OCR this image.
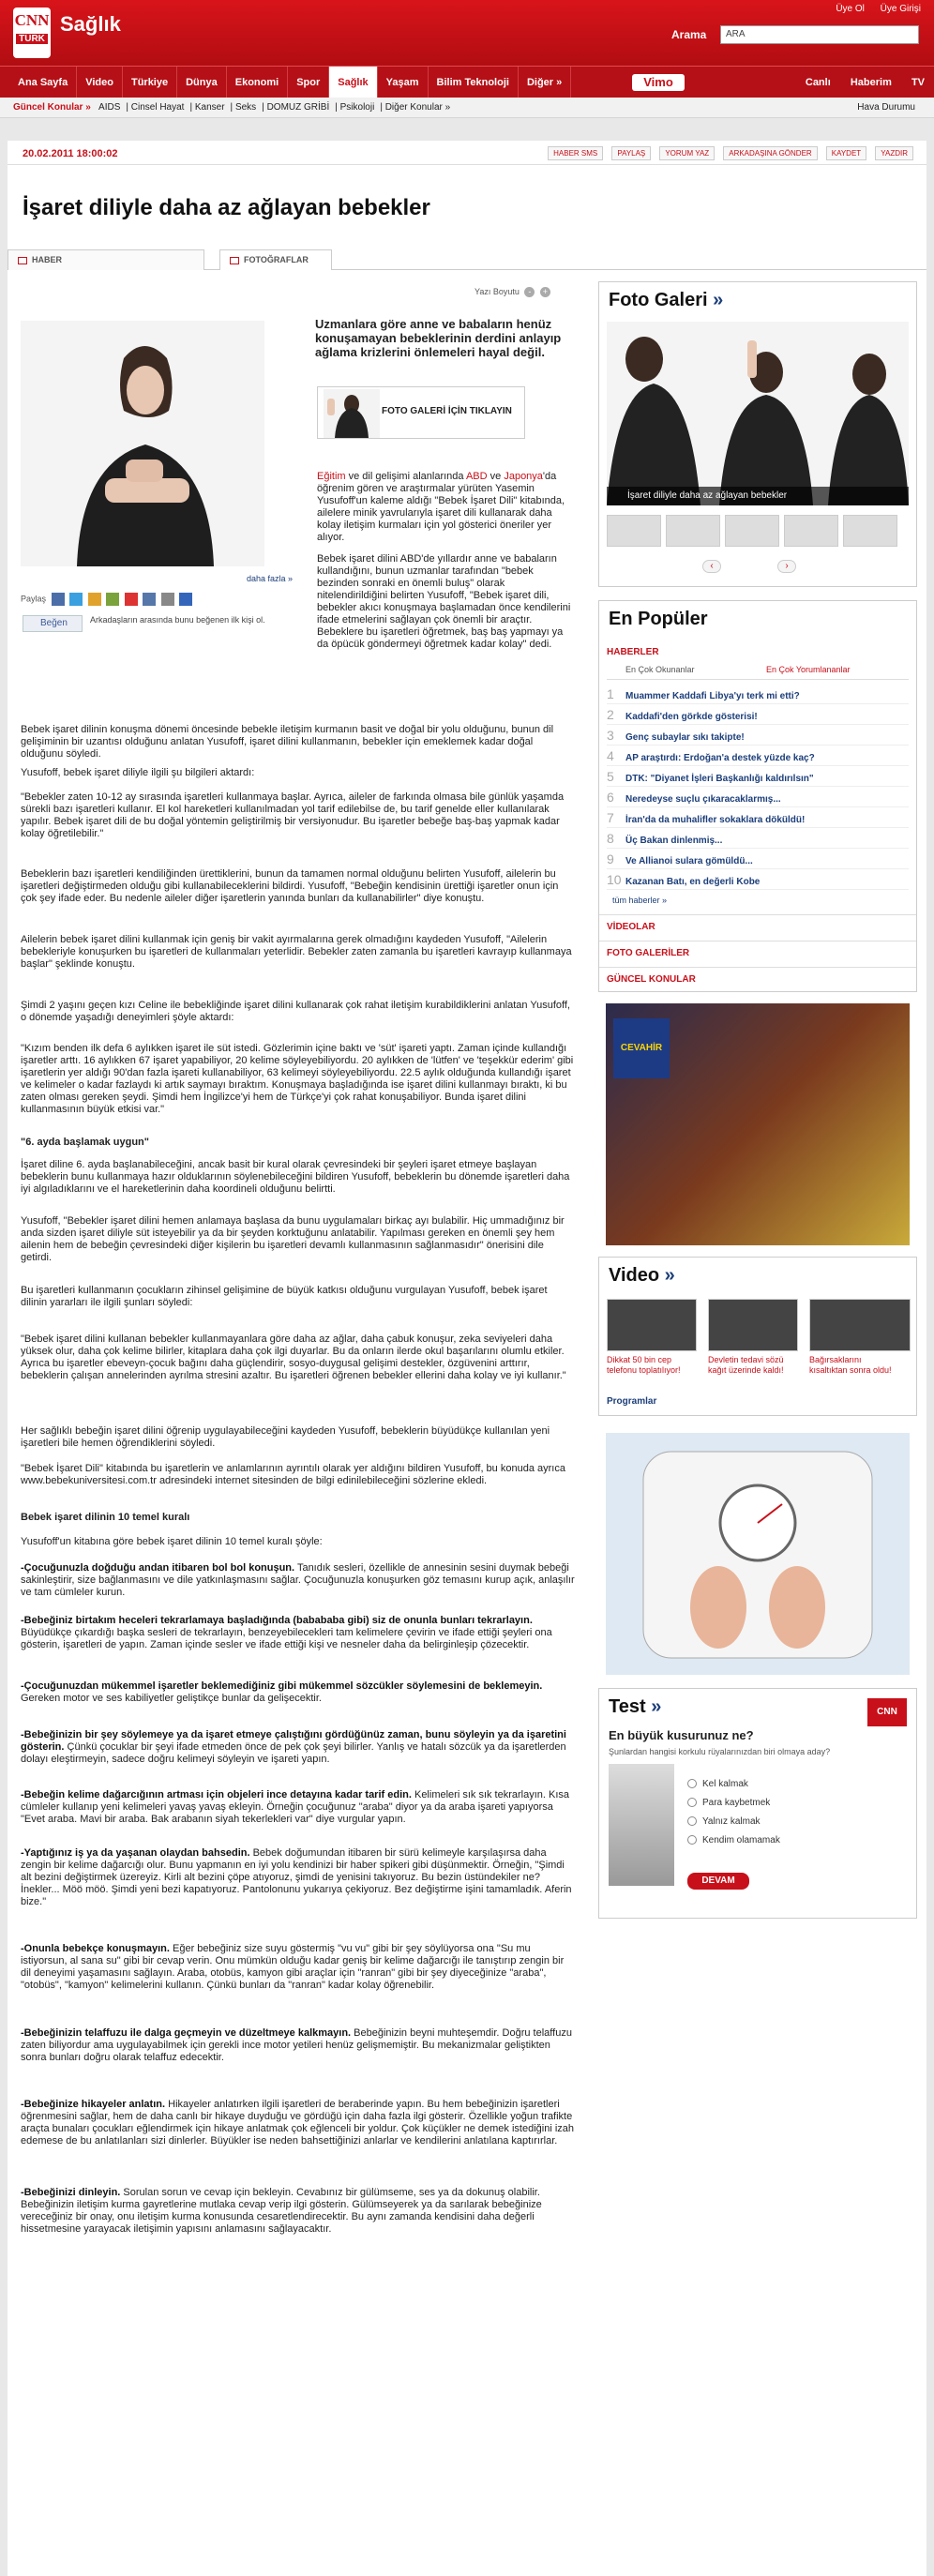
CNN
TÜRK
Sağlık
Üye Ol Üye Girişi
Arama	ARA
Ana Sayfa	Video	Türkiye	Dünya	Ekonomi	Spor	Sağlık	Yaşam	Bilim Teknoloji	Diğer »	Vimo	Canlı Haberim TV
Güncel Konular » AIDS | Cinsel Hayat | Kanser | Seks | DOMUZ GRİBİ | Psikoloji | Diğer Konular »	Hava Durumu
20.02.2011 18:00:02	HABER SMS	PAYLAŞ	YORUM YAZ	ARKADAŞINA GÖNDER	KAYDET	YAZDIR
İşaret diliyle daha az ağlayan bebekler
HABER	FOTOĞRAFLAR
Yazı Boyutu - +
daha fazla »
Uzmanlara göre anne ve babaların henüz konuşamayan bebeklerinin derdini anlayıp ağlama krizlerini önlemeleri hayal değil.
FOTO GALERİ İÇİN TIKLAYIN
Paylaş
Beğen	Arkadaşların arasında bunu beğenen ilk kişi ol.
Eğitim ve dil gelişimi alanlarında ABD ve Japonya'da öğrenim gören ve araştırmalar yürüten Yasemin Yusufoff'un kaleme aldığı "Bebek İşaret Dili" kitabında, ailelere minik yavrularıyla işaret dili kullanarak daha kolay iletişim kurmaları için yol gösterici öneriler yer alıyor.
Bebek işaret dilini ABD'de yıllardır anne ve babaların kullandığını, bunun uzmanlar tarafından "bebek bezinden sonraki en önemli buluş" olarak nitelendirildiğini belirten Yusufoff, "Bebek işaret dili, bebekler akıcı konuşmaya başlamadan önce kendilerini ifade etmelerini sağlayan çok önemli bir araçtır. Bebeklere bu işaretleri öğretmek, baş baş yapmayı ya da öpücük göndermeyi öğretmek kadar kolay" dedi.
Bebek işaret dilinin konuşma dönemi öncesinde bebekle iletişim kurmanın basit ve doğal bir yolu olduğunu, bunun dil gelişiminin bir uzantısı olduğunu anlatan Yusufoff, işaret dilini kullanmanın, bebekler için emeklemek kadar doğal olduğunu söyledi.
Yusufoff, bebek işaret diliyle ilgili şu bilgileri aktardı:
"Bebekler zaten 10-12 ay sırasında işaretleri kullanmaya başlar. Ayrıca, aileler de farkında olmasa bile günlük yaşamda sürekli bazı işaretleri kullanır. El kol hareketleri kullanılmadan yol tarif edilebilse de, bu tarif genelde eller kullanılarak yapılır. Bebek işaret dili de bu doğal yöntemin geliştirilmiş bir versiyonudur. Bu işaretler bebeğe baş-baş yapmak kadar kolay öğretilebilir."
Bebeklerin bazı işaretleri kendiliğinden ürettiklerini, bunun da tamamen normal olduğunu belirten Yusufoff, ailelerin bu işaretleri değiştirmeden olduğu gibi kullanabileceklerini bildirdi. Yusufoff, "Bebeğin kendisinin ürettiği işaretler onun için çok şey ifade eder. Bu nedenle aileler diğer işaretlerin yanında bunları da kullanabilirler" diye konuştu.
Ailelerin bebek işaret dilini kullanmak için geniş bir vakit ayırmalarına gerek olmadığını kaydeden Yusufoff, "Ailelerin bebekleriyle konuşurken bu işaretleri de kullanmaları yeterlidir. Bebekler zaten zamanla bu işaretleri kavrayıp kullanmaya başlar" şeklinde konuştu.
Şimdi 2 yaşını geçen kızı Celine ile bebekliğinde işaret dilini kullanarak çok rahat iletişim kurabildiklerini anlatan Yusufoff, o dönemde yaşadığı deneyimleri şöyle aktardı:
"Kızım benden ilk defa 6 aylıkken işaret ile süt istedi. Gözlerimin içine baktı ve 'süt' işareti yaptı. Zaman içinde kullandığı işaretler arttı. 16 aylıkken 67 işaret yapabiliyor, 20 kelime söyleyebiliyordu. 20 aylıkken de 'lütfen' ve 'teşekkür ederim' gibi işaretlerin yer aldığı 90'dan fazla işareti kullanabiliyor, 63 kelimeyi söyleyebiliyordu. 22.5 aylık olduğunda kullandığı işaret ve kelimeler o kadar fazlaydı ki artık saymayı bıraktım. Konuşmaya başladığında ise işaret dilini kullanmayı bıraktı, ki bu zaten olması gereken şeydi. Şimdi hem İngilizce'yi hem de Türkçe'yi çok rahat konuşabiliyor. Bunda işaret dilini kullanmasının büyük etkisi var."
"6. ayda başlamak uygun"
İşaret diline 6. ayda başlanabileceğini, ancak basit bir kural olarak çevresindeki bir şeyleri işaret etmeye başlayan bebeklerin bunu kullanmaya hazır olduklarının söylenebileceğini bildiren Yusufoff, bebeklerin bu dönemde işaretleri daha iyi algıladıklarını ve el hareketlerinin daha koordineli olduğunu belirtti.
Yusufoff, "Bebekler işaret dilini hemen anlamaya başlasa da bunu uygulamaları birkaç ayı bulabilir. Hiç ummadığınız bir anda sizden işaret diliyle süt isteyebilir ya da bir şeyden korktuğunu anlatabilir. Yapılması gereken en önemli şey hem ailenin hem de bebeğin çevresindeki diğer kişilerin bu işaretleri devamlı kullanmasının sağlanmasıdır" önerisini dile getirdi.
Bu işaretleri kullanmanın çocukların zihinsel gelişimine de büyük katkısı olduğunu vurgulayan Yusufoff, bebek işaret dilinin yararları ile ilgili şunları söyledi:
"Bebek işaret dilini kullanan bebekler kullanmayanlara göre daha az ağlar, daha çabuk konuşur, zeka seviyeleri daha yüksek olur, daha çok kelime bilirler, kitaplara daha çok ilgi duyarlar. Bu da onların ilerde okul başarılarını olumlu etkiler. Ayrıca bu işaretler ebeveyn-çocuk bağını daha güçlendirir, sosyo-duygusal gelişimi destekler, özgüvenini arttırır, bebeklerin çalışan annelerinden ayrılma stresini azaltır. Bu işaretleri öğrenen bebekler ellerini daha kolay ve iyi kullanır."
Her sağlıklı bebeğin işaret dilini öğrenip uygulayabileceğini kaydeden Yusufoff, bebeklerin büyüdükçe kullanılan yeni işaretleri bile hemen öğrendiklerini söyledi.
"Bebek İşaret Dili" kitabında bu işaretlerin ve anlamlarının ayrıntılı olarak yer aldığını bildiren Yusufoff, bu konuda ayrıca www.bebekuniversitesi.com.tr adresindeki internet sitesinden de bilgi edinilebileceğini sözlerine ekledi.
Bebek işaret dilinin 10 temel kuralı
Yusufoff'un kitabına göre bebek işaret dilinin 10 temel kuralı şöyle:
-Çocuğunuzla doğduğu andan itibaren bol bol konuşun. Tanıdık sesleri, özellikle de annesinin sesini duymak bebeği sakinleştirir, size bağlanmasını ve dile yatkınlaşmasını sağlar. Çocuğunuzla konuşurken göz temasını kurup açık, anlaşılır ve tam cümleler kurun.
-Bebeğiniz birtakım heceleri tekrarlamaya başladığında (babababa gibi) siz de onunla bunları tekrarlayın. Büyüdükçe çıkardığı başka sesleri de tekrarlayın, benzeyebilecekleri tam kelimelere çevirin ve ifade ettiği şeyleri ona gösterin, işaretleri de yapın. Zaman içinde sesler ve ifade ettiği kişi ve nesneler daha da belirginleşip çözecektir.
-Çocuğunuzdan mükemmel işaretler beklemediğiniz gibi mükemmel sözcükler söylemesini de beklemeyin. Gereken motor ve ses kabiliyetler geliştikçe bunlar da gelişecektir.
-Bebeğinizin bir şey söylemeye ya da işaret etmeye çalıştığını gördüğünüz zaman, bunu söyleyin ya da işaretini gösterin. Çünkü çocuklar bir şeyi ifade etmeden önce de pek çok şeyi bilirler. Yanlış ve hatalı sözcük ya da işaretlerden dolayı eleştirmeyin, sadece doğru kelimeyi söyleyin ve işareti yapın.
-Bebeğin kelime dağarcığının artması için objeleri ince detayına kadar tarif edin. Kelimeleri sık sık tekrarlayın. Kısa cümleler kullanıp yeni kelimeleri yavaş yavaş ekleyin. Örneğin çocuğunuz "araba" diyor ya da araba işareti yapıyorsa "Evet araba. Mavi bir araba. Bak arabanın siyah tekerlekleri var" diye vurgular yapın.
-Yaptığınız iş ya da yaşanan olaydan bahsedin. Bebek doğumundan itibaren bir sürü kelimeyle karşılaşırsa daha zengin bir kelime dağarcığı olur. Bunu yapmanın en iyi yolu kendinizi bir haber spikeri gibi düşünmektir. Örneğin, "Şimdi alt bezini değiştirmek üzereyiz. Kirli alt bezini çöpe atıyoruz, şimdi de yenisini takıyoruz. Bu bezin üstündekiler ne? İnekler... Möö möö. Şimdi yeni bezi kapatıyoruz. Pantolonunu yukarıya çekiyoruz. Bez değiştirme işini tamamladık. Aferin bize."
-Onunla bebekçe konuşmayın. Eğer bebeğiniz size suyu göstermiş "vu vu" gibi bir şey söylüyorsa ona "Su mu istiyorsun, al sana su" gibi bir cevap verin. Onu mümkün olduğu kadar geniş bir kelime dağarcığı ile tanıştırıp zengin bir dil deneyimi yaşamasını sağlayın. Araba, otobüs, kamyon gibi araçlar için "ranran" gibi bir şey diyeceğinize "araba", "otobüs", "kamyon" kelimelerini kullanın. Çünkü bunları da "ranran" kadar kolay öğrenebilir.
-Bebeğinizin telaffuzu ile dalga geçmeyin ve düzeltmeye kalkmayın. Bebeğinizin beyni muhteşemdir. Doğru telaffuzu zaten biliyordur ama uygulayabilmek için gerekli ince motor yetileri henüz gelişmemiştir. Bu mekanizmalar geliştikten sonra bunları doğru olarak telaffuz edecektir.
-Bebeğinize hikayeler anlatın. Hikayeler anlatırken ilgili işaretleri de beraberinde yapın. Bu hem bebeğinizin işaretleri öğrenmesini sağlar, hem de daha canlı bir hikaye duyduğu ve gördüğü için daha fazla ilgi gösterir. Özellikle yoğun trafikte araçta bunaları çocukları eğlendirmek için hikaye anlatmak çok eğlenceli bir yoldur. Çok küçükler ne demek istediğini izah edemese de bu anlatılanları sizi dinlerler. Büyükler ise neden bahsettiğinizi anlarlar ve kendilerini anlatılana kaptırırlar.
-Bebeğinizi dinleyin. Sorulan sorun ve cevap için bekleyin. Cevabınız bir gülümseme, ses ya da dokunuş olabilir. Bebeğinizin iletişim kurma gayretlerine mutlaka cevap verip ilgi gösterin. Gülümseyerek ya da sarılarak bebeğinize vereceğiniz bir onay, onu iletişim kurma konusunda cesaretlendirecektir. Bu aynı zamanda kendisini daha değerli hissetmesine yarayacak iletişimin yapısını anlamasını sağlayacaktır.
Foto Galeri »
İşaret diliyle daha az ağlayan bebekler
‹	›
En Popüler
HABERLER
En Çok Okunanlar	En Çok Yorumlananlar
1 Muammer Kaddafi Libya'yı terk mi etti?
2 Kaddafi'den görkde gösterisi!
3 Genç subaylar sıkı takipte!
4 AP araştırdı: Erdoğan'a destek yüzde kaç?
5 DTK: "Diyanet İşleri Başkanlığı kaldırılsın"
6 Neredeyse suçlu çıkaracaklarmış...
7 İran'da da muhalifler sokaklara döküldü!
8 Üç Bakan dinlenmiş...
9 Ve Allianoi sulara gömüldü...
10 Kazanan Batı, en değerli Kobe
tüm haberler »
VİDEOLAR
FOTO GALERİLER
GÜNCEL KONULAR
CEVAHİR
Video »
Dikkat 50 bin cep telefonu toplatılıyor!
Devletin tedavi sözü kağıt üzerinde kaldı!
Bağırsaklarını kısaltıktan sonra oldu!
Programlar
Test »	CNN
En büyük kusurunuz ne?
Şunlardan hangisi korkulu rüyalarınızdan biri olmaya aday?
Kel kalmak
Para kaybetmek
Yalnız kalmak
Kendim olamamak
DEVAM
